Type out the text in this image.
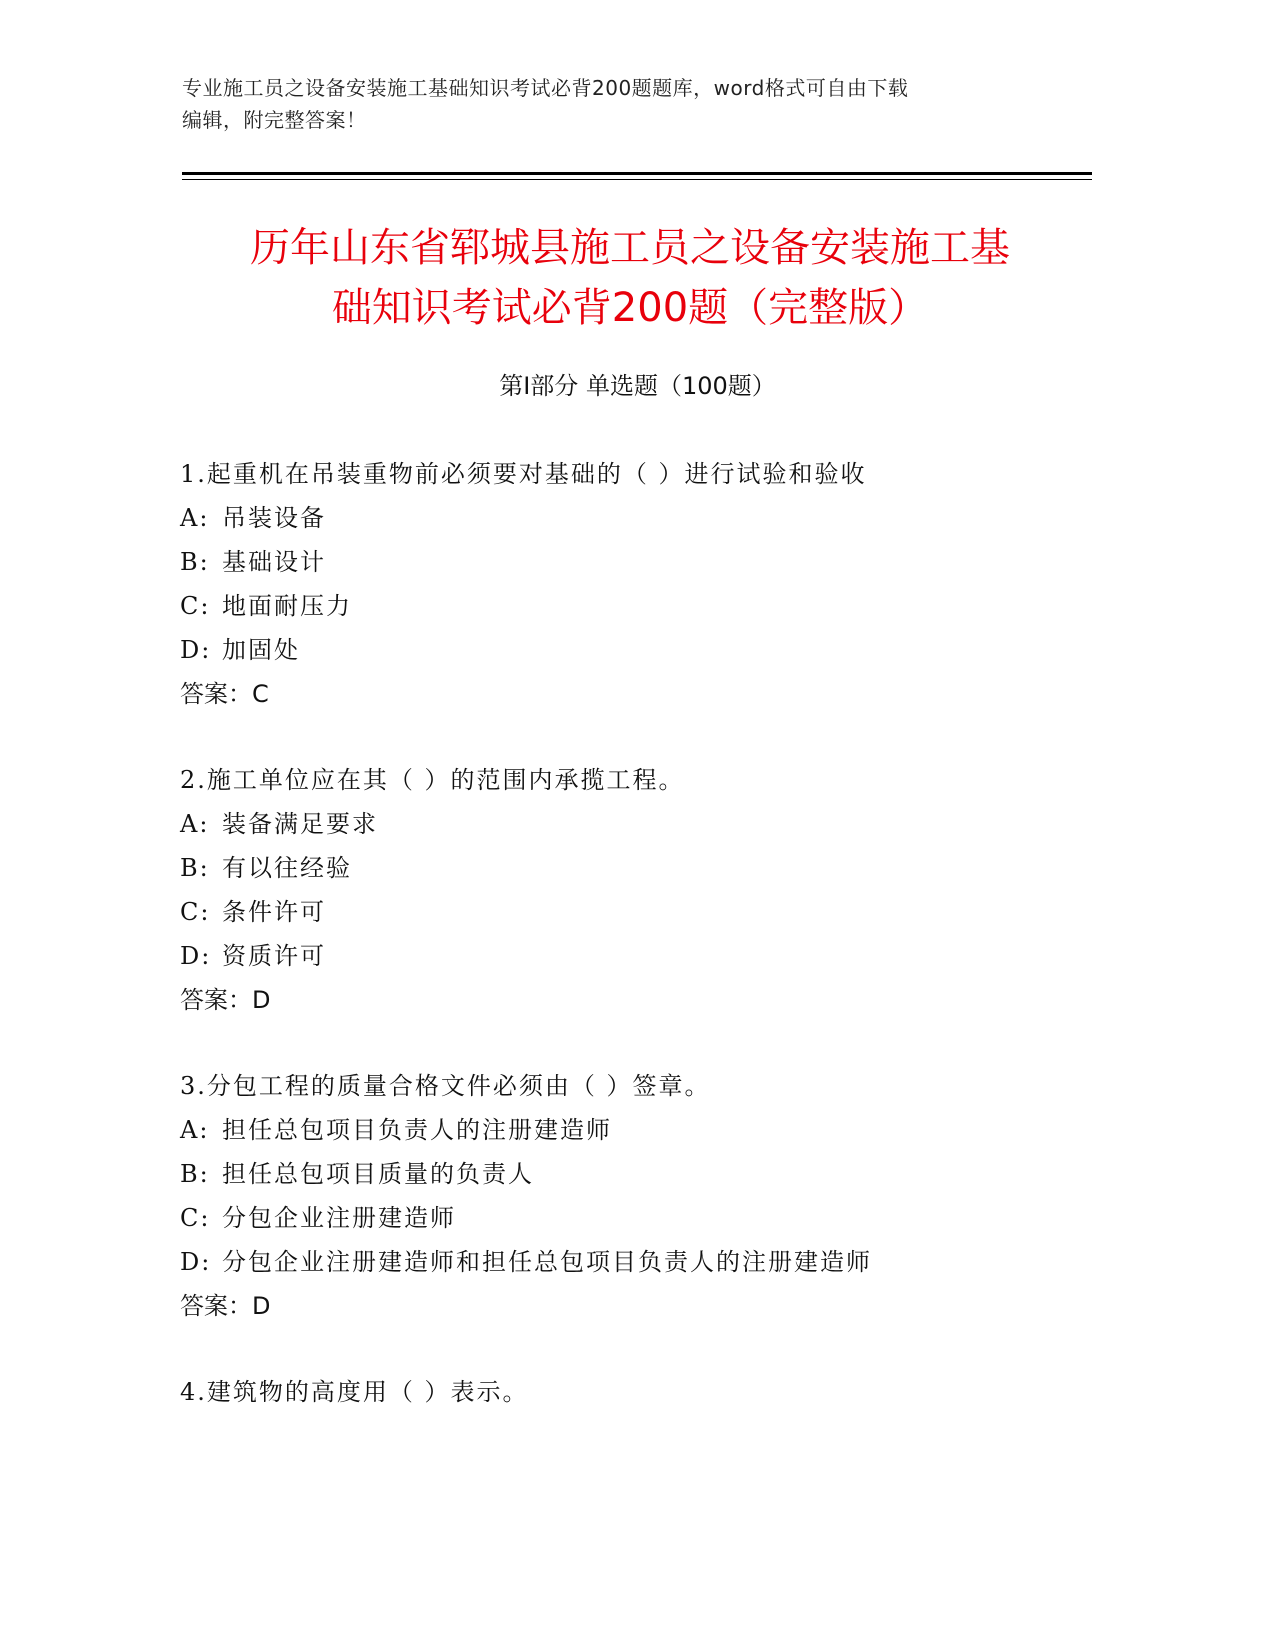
专业施工员之设备安装施工基础知识考试必背200题题库，word格式可自由下载
编辑，附完整答案！
历年山东省郓城县施工员之设备安装施工基
础知识考试必背200题（完整版）
第Ⅰ部分 单选题（100题）
1.起重机在吊装重物前必须要对基础的（ ）进行试验和验收
A: 吊装设备
B: 基础设计
C: 地面耐压力
D: 加固处
答案：C
2.施工单位应在其（ ）的范围内承揽工程。
A: 装备满足要求
B: 有以往经验
C: 条件许可
D: 资质许可
答案：D
3.分包工程的质量合格文件必须由（ ）签章。
A: 担任总包项目负责人的注册建造师
B: 担任总包项目质量的负责人
C: 分包企业注册建造师
D: 分包企业注册建造师和担任总包项目负责人的注册建造师
答案：D
4.建筑物的高度用（ ）表示。
